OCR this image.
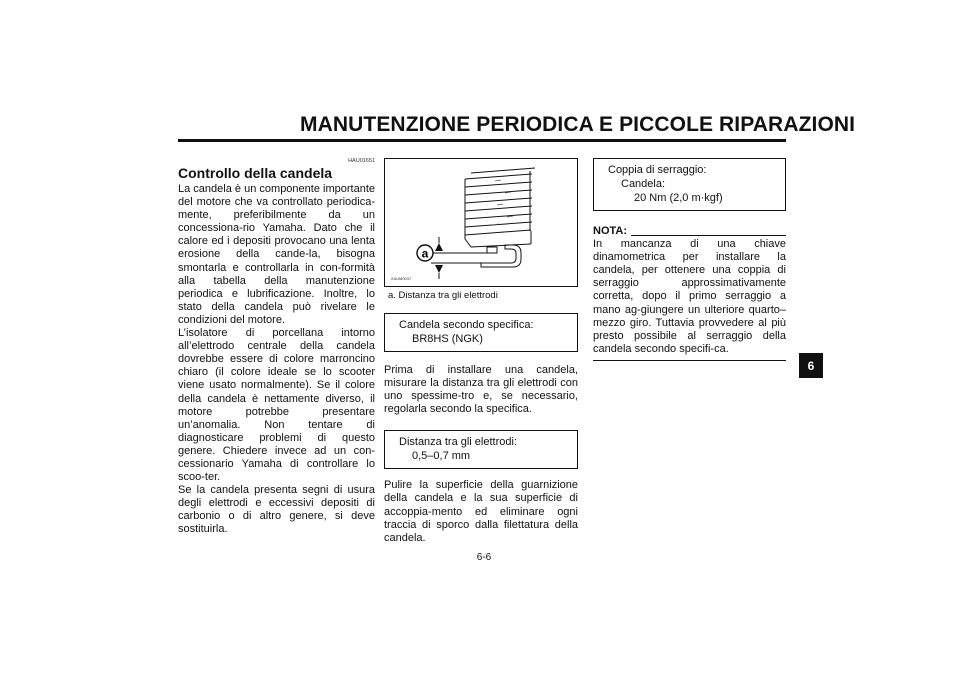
MANUTENZIONE PERIODICA E PICCOLE RIPARAZIONI
HAU01651
Controllo della candela

La candela è un componente importante del motore che va controllato periodica-mente, preferibilmente da un concessiona-rio Yamaha. Dato che il calore ed i depositi provocano una lenta erosione della cande-la, bisogna smontarla e controllarla in con-formità alla tabella della manutenzione periodica e lubrificazione. Inoltre, lo stato della candela può rivelare le condizioni del motore.

L’isolatore di porcellana intorno all’elettrodo centrale della candela dovrebbe essere di colore marroncino chiaro (il colore ideale se lo scooter viene usato normalmente). Se il colore della candela è nettamente diverso, il motore potrebbe presentare un’anomalia. Non tentare di diagnosticare problemi di questo genere. Chiedere invece ad un con-cessionario Yamaha di controllare lo scoo-ter.

Se la candela presenta segni di usura degli elettrodi e eccessivi depositi di carbonio o di altro genere, si deve sostituirla.

a
ZAUM0037
a. Distanza tra gli elettrodi
Candela secondo specifica:
BR8HS (NGK)

Prima di installare una candela, misurare la distanza tra gli elettrodi con uno spessime-tro e, se necessario, regolarla secondo la specifica.

Distanza tra gli elettrodi:
0,5–0,7 mm

Pulire la superficie della guarnizione della candela e la sua superficie di accoppia-mento ed eliminare ogni traccia di sporco dalla filettatura della candela.

Coppia di serraggio:
Candela:
20 Nm (2,0 m·kgf)
NOTA:

In mancanza di una chiave dinamometrica per installare la candela, per ottenere una coppia di serraggio approssimativamente corretta, dopo il primo serraggio a mano ag-giungere un ulteriore quarto–mezzo giro. Tuttavia provvedere al più presto possibile al serraggio della candela secondo specifi-ca.

6
6-6
